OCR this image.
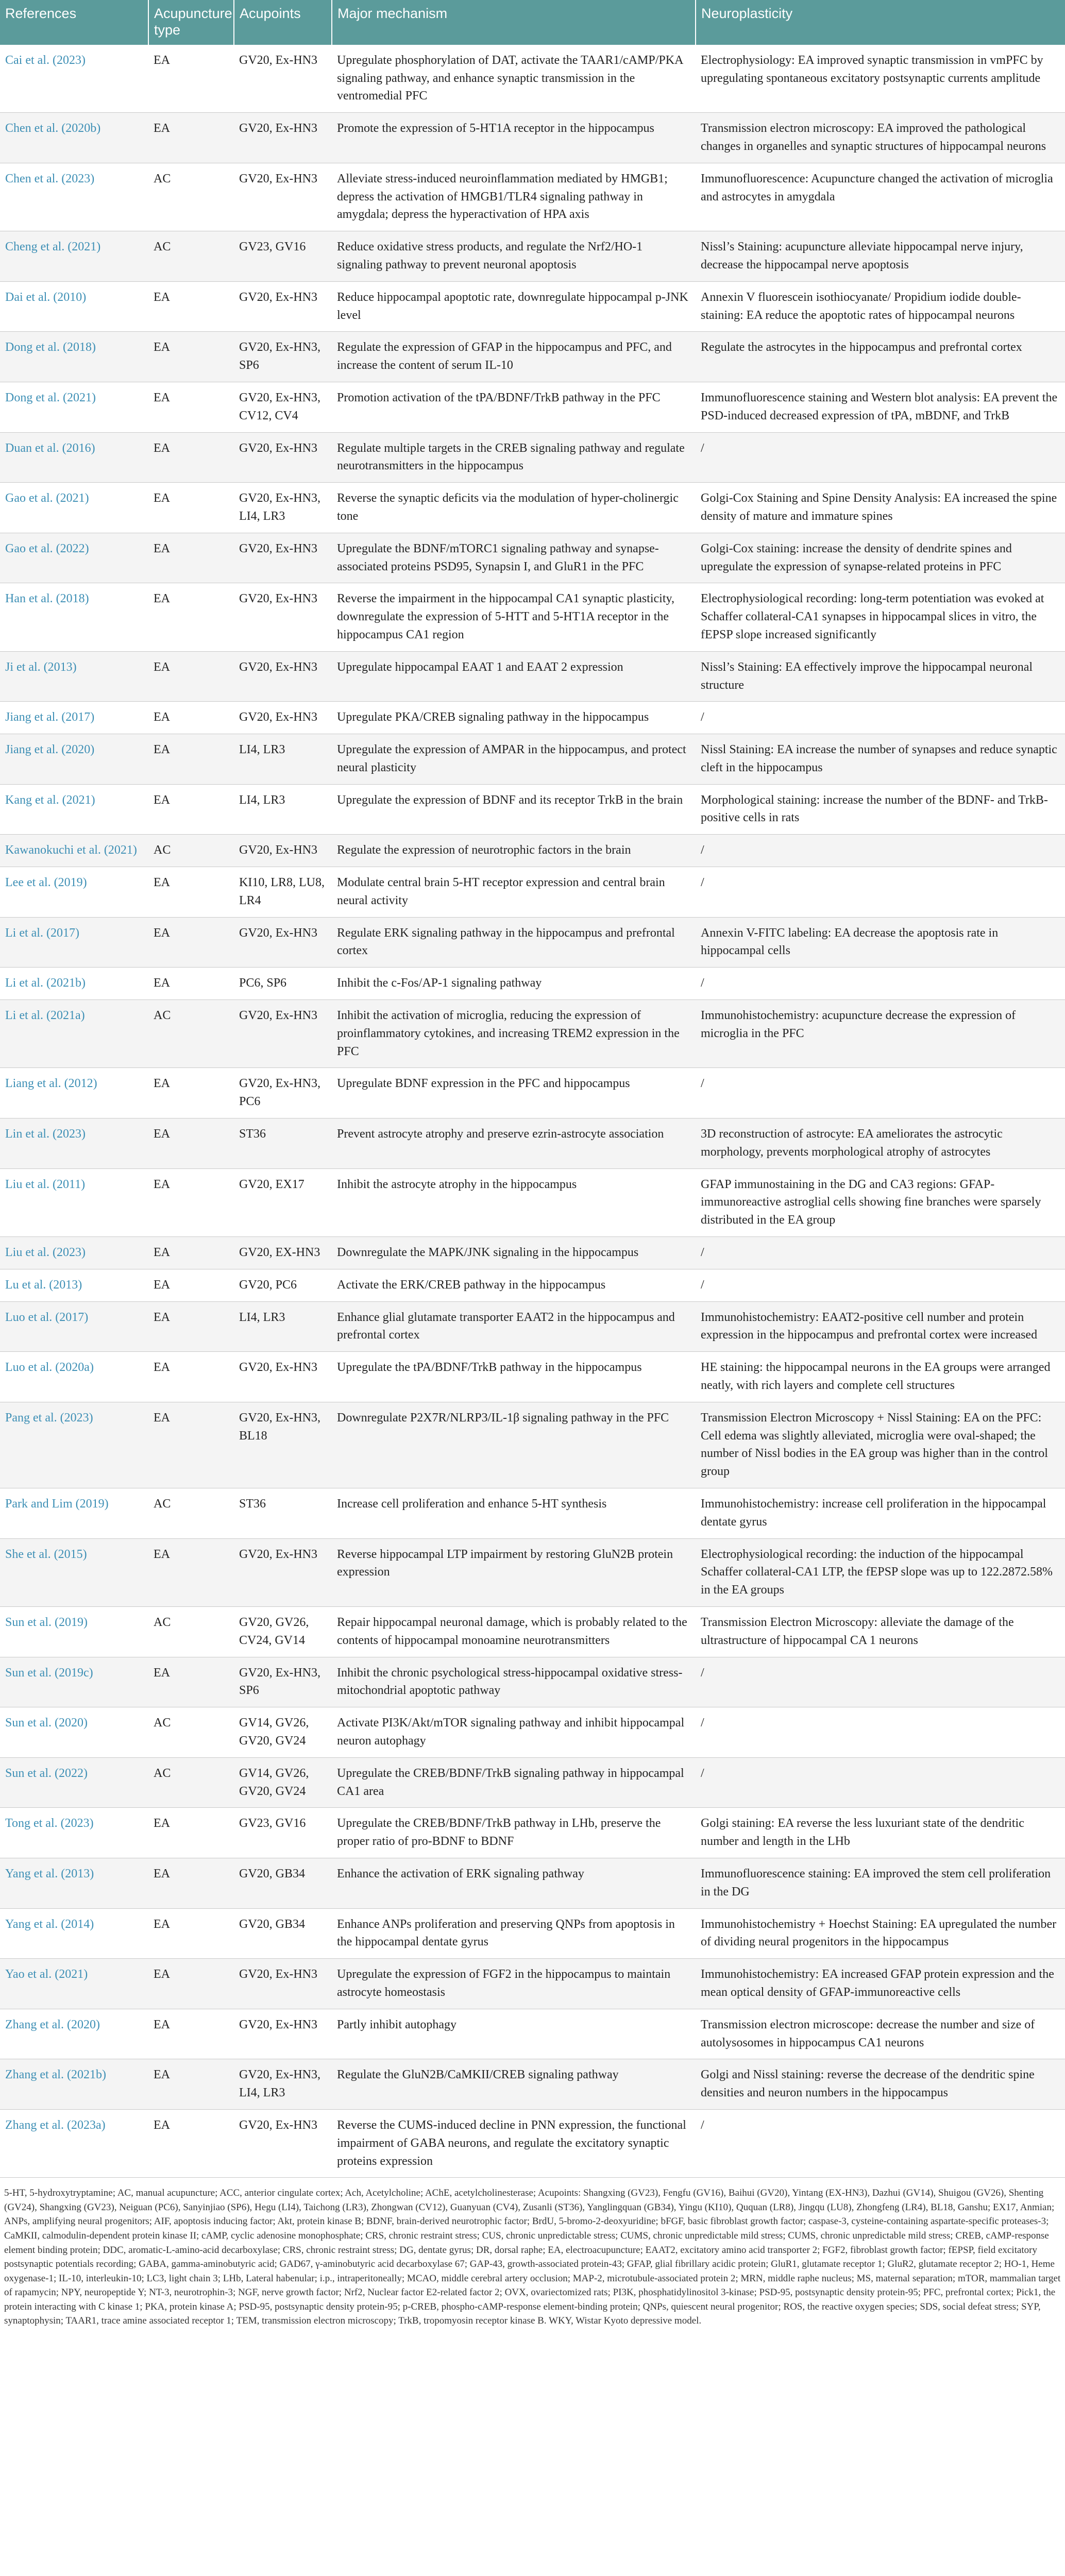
References	Acupuncture type	Acupoints	Major mechanism	Neuroplasticity
Cai et al. (2023)	EA	GV20, Ex-HN3	Upregulate phosphorylation of DAT, activate the TAAR1/cAMP/PKA signaling pathway, and enhance synaptic transmission in the ventromedial PFC	Electrophysiology: EA improved synaptic transmission in vmPFC by upregulating spontaneous excitatory postsynaptic currents amplitude
Chen et al. (2020b)	EA	GV20, Ex-HN3	Promote the expression of 5-HT1A receptor in the hippocampus	Transmission electron microscopy: EA improved the pathological changes in organelles and synaptic structures of hippocampal neurons
Chen et al. (2023)	AC	GV20, Ex-HN3	Alleviate stress-induced neuroinflammation mediated by HMGB1; depress the activation of HMGB1/TLR4 signaling pathway in amygdala; depress the hyperactivation of HPA axis	Immunofluorescence: Acupuncture changed the activation of microglia and astrocytes in amygdala
Cheng et al. (2021)	AC	GV23, GV16	Reduce oxidative stress products, and regulate the Nrf2/HO-1 signaling pathway to prevent neuronal apoptosis	Nissl’s Staining: acupuncture alleviate hippocampal nerve injury, decrease the hippocampal nerve apoptosis
Dai et al. (2010)	EA	GV20, Ex-HN3	Reduce hippocampal apoptotic rate, downregulate hippocampal p-JNK level	Annexin V fluorescein isothiocyanate/ Propidium iodide double-staining: EA reduce the apoptotic rates of hippocampal neurons
Dong et al. (2018)	EA	GV20, Ex-HN3, SP6	Regulate the expression of GFAP in the hippocampus and PFC, and increase the content of serum IL-10	Regulate the astrocytes in the hippocampus and prefrontal cortex
Dong et al. (2021)	EA	GV20, Ex-HN3, CV12, CV4	Promotion activation of the tPA/BDNF/TrkB pathway in the PFC	Immunofluorescence staining and Western blot analysis: EA prevent the PSD-induced decreased expression of tPA, mBDNF, and TrkB
Duan et al. (2016)	EA	GV20, Ex-HN3	Regulate multiple targets in the CREB signaling pathway and regulate neurotransmitters in the hippocampus	/
Gao et al. (2021)	EA	GV20, Ex-HN3, LI4, LR3	Reverse the synaptic deficits via the modulation of hyper-cholinergic tone	Golgi-Cox Staining and Spine Density Analysis: EA increased the spine density of mature and immature spines
Gao et al. (2022)	EA	GV20, Ex-HN3	Upregulate the BDNF/mTORC1 signaling pathway and synapse-associated proteins PSD95, Synapsin I, and GluR1 in the PFC	Golgi-Cox staining: increase the density of dendrite spines and upregulate the expression of synapse-related proteins in PFC
Han et al. (2018)	EA	GV20, Ex-HN3	Reverse the impairment in the hippocampal CA1 synaptic plasticity, downregulate the expression of 5-HTT and 5-HT1A receptor in the hippocampus CA1 region	Electrophysiological recording: long-term potentiation was evoked at Schaffer collateral-CA1 synapses in hippocampal slices in vitro, the fEPSP slope increased significantly
Ji et al. (2013)	EA	GV20, Ex-HN3	Upregulate hippocampal EAAT 1 and EAAT 2 expression	Nissl’s Staining: EA effectively improve the hippocampal neuronal structure
Jiang et al. (2017)	EA	GV20, Ex-HN3	Upregulate PKA/CREB signaling pathway in the hippocampus	/
Jiang et al. (2020)	EA	LI4, LR3	Upregulate the expression of AMPAR in the hippocampus, and protect neural plasticity	Nissl Staining: EA increase the number of synapses and reduce synaptic cleft in the hippocampus
Kang et al. (2021)	EA	LI4, LR3	Upregulate the expression of BDNF and its receptor TrkB in the brain	Morphological staining: increase the number of the BDNF- and TrkB-positive cells in rats
Kawanokuchi et al. (2021)	AC	GV20, Ex-HN3	Regulate the expression of neurotrophic factors in the brain	/
Lee et al. (2019)	EA	KI10, LR8, LU8, LR4	Modulate central brain 5-HT receptor expression and central brain neural activity	/
Li et al. (2017)	EA	GV20, Ex-HN3	Regulate ERK signaling pathway in the hippocampus and prefrontal cortex	Annexin V-FITC labeling: EA decrease the apoptosis rate in hippocampal cells
Li et al. (2021b)	EA	PC6, SP6	Inhibit the c-Fos/AP-1 signaling pathway	/
Li et al. (2021a)	AC	GV20, Ex-HN3	Inhibit the activation of microglia, reducing the expression of proinflammatory cytokines, and increasing TREM2 expression in the PFC	Immunohistochemistry: acupuncture decrease the expression of microglia in the PFC
Liang et al. (2012)	EA	GV20, Ex-HN3, PC6	Upregulate BDNF expression in the PFC and hippocampus	/
Lin et al. (2023)	EA	ST36	Prevent astrocyte atrophy and preserve ezrin-astrocyte association	3D reconstruction of astrocyte: EA ameliorates the astrocytic morphology, prevents morphological atrophy of astrocytes
Liu et al. (2011)	EA	GV20, EX17	Inhibit the astrocyte atrophy in the hippocampus	GFAP immunostaining in the DG and CA3 regions: GFAP-immunoreactive astroglial cells showing fine branches were sparsely distributed in the EA group
Liu et al. (2023)	EA	GV20, EX-HN3	Downregulate the MAPK/JNK signaling in the hippocampus	/
Lu et al. (2013)	EA	GV20, PC6	Activate the ERK/CREB pathway in the hippocampus	/
Luo et al. (2017)	EA	LI4, LR3	Enhance glial glutamate transporter EAAT2 in the hippocampus and prefrontal cortex	Immunohistochemistry: EAAT2-positive cell number and protein expression in the hippocampus and prefrontal cortex were increased
Luo et al. (2020a)	EA	GV20, Ex-HN3	Upregulate the tPA/BDNF/TrkB pathway in the hippocampus	HE staining: the hippocampal neurons in the EA groups were arranged neatly, with rich layers and complete cell structures
Pang et al. (2023)	EA	GV20, Ex-HN3, BL18	Downregulate P2X7R/NLRP3/IL-1β signaling pathway in the PFC	Transmission Electron Microscopy + Nissl Staining: EA on the PFC: Cell edema was slightly alleviated, microglia were oval-shaped; the number of Nissl bodies in the EA group was higher than in the control group
Park and Lim (2019)	AC	ST36	Increase cell proliferation and enhance 5-HT synthesis	Immunohistochemistry: increase cell proliferation in the hippocampal dentate gyrus
She et al. (2015)	EA	GV20, Ex-HN3	Reverse hippocampal LTP impairment by restoring GluN2B protein expression	Electrophysiological recording: the induction of the hippocampal Schaffer collateral-CA1 LTP, the fEPSP slope was up to 122.2872.58% in the EA groups
Sun et al. (2019)	AC	GV20, GV26, CV24, GV14	Repair hippocampal neuronal damage, which is probably related to the contents of hippocampal monoamine neurotransmitters	Transmission Electron Microscopy: alleviate the damage of the ultrastructure of hippocampal CA 1 neurons
Sun et al. (2019c)	EA	GV20, Ex-HN3, SP6	Inhibit the chronic psychological stress-hippocampal oxidative stress-mitochondrial apoptotic pathway	/
Sun et al. (2020)	AC	GV14, GV26, GV20, GV24	Activate PI3K/Akt/mTOR signaling pathway and inhibit hippocampal neuron autophagy	/
Sun et al. (2022)	AC	GV14, GV26, GV20, GV24	Upregulate the CREB/BDNF/TrkB signaling pathway in hippocampal CA1 area	/
Tong et al. (2023)	EA	GV23, GV16	Upregulate the CREB/BDNF/TrkB pathway in LHb, preserve the proper ratio of pro-BDNF to BDNF	Golgi staining: EA reverse the less luxuriant state of the dendritic number and length in the LHb
Yang et al. (2013)	EA	GV20, GB34	Enhance the activation of ERK signaling pathway	Immunofluorescence staining: EA improved the stem cell proliferation in the DG
Yang et al. (2014)	EA	GV20, GB34	Enhance ANPs proliferation and preserving QNPs from apoptosis in the hippocampal dentate gyrus	Immunohistochemistry + Hoechst Staining: EA upregulated the number of dividing neural progenitors in the hippocampus
Yao et al. (2021)	EA	GV20, Ex-HN3	Upregulate the expression of FGF2 in the hippocampus to maintain astrocyte homeostasis	Immunohistochemistry: EA increased GFAP protein expression and the mean optical density of GFAP-immunoreactive cells
Zhang et al. (2020)	EA	GV20, Ex-HN3	Partly inhibit autophagy	Transmission electron microscope: decrease the number and size of autolysosomes in hippocampus CA1 neurons
Zhang et al. (2021b)	EA	GV20, Ex-HN3, LI4, LR3	Regulate the GluN2B/CaMKII/CREB signaling pathway	Golgi and Nissl staining: reverse the decrease of the dendritic spine densities and neuron numbers in the hippocampus
Zhang et al. (2023a)	EA	GV20, Ex-HN3	Reverse the CUMS-induced decline in PNN expression, the functional impairment of GABA neurons, and regulate the excitatory synaptic proteins expression	/
5-HT, 5-hydroxytryptamine; AC, manual acupuncture; ACC, anterior cingulate cortex; Ach, Acetylcholine; AChE, acetylcholinesterase; Acupoints: Shangxing (GV23), Fengfu (GV16), Baihui (GV20), Yintang (EX-HN3), Dazhui (GV14), Shuigou (GV26), Shenting (GV24), Shangxing (GV23), Neiguan (PC6), Sanyinjiao (SP6), Hegu (LI4), Taichong (LR3), Zhongwan (CV12), Guanyuan (CV4), Zusanli (ST36), Yanglingquan (GB34), Yingu (KI10), Ququan (LR8), Jingqu (LU8), Zhongfeng (LR4), BL18, Ganshu; EX17, Anmian; ANPs, amplifying neural progenitors; AIF, apoptosis inducing factor; Akt, protein kinase B; BDNF, brain-derived neurotrophic factor; BrdU, 5-bromo-2-deoxyuridine; bFGF, basic fibroblast growth factor; caspase-3, cysteine-containing aspartate-specific proteases-3; CaMKII, calmodulin-dependent protein kinase II; cAMP, cyclic adenosine monophosphate; CRS, chronic restraint stress; CUS, chronic unpredictable stress; CUMS, chronic unpredictable mild stress; CUMS, chronic unpredictable mild stress; CREB, cAMP-response element binding protein; DDC, aromatic-L-amino-acid decarboxylase; CRS, chronic restraint stress; DG, dentate gyrus; DR, dorsal raphe; EA, electroacupuncture; EAAT2, excitatory amino acid transporter 2; FGF2, fibroblast growth factor; fEPSP, field excitatory postsynaptic potentials recording; GABA, gamma-aminobutyric acid; GAD67, γ-aminobutyric acid decarboxylase 67; GAP-43, growth-associated protein-43; GFAP, glial fibrillary acidic protein; GluR1, glutamate receptor 1; GluR2, glutamate receptor 2; HO-1, Heme oxygenase-1; IL-10, interleukin-10; LC3, light chain 3; LHb, Lateral habenular; i.p., intraperitoneally; MCAO, middle cerebral artery occlusion; MAP-2, microtubule-associated protein 2; MRN, middle raphe nucleus; MS, maternal separation; mTOR, mammalian target of rapamycin; NPY, neuropeptide Y; NT-3, neurotrophin-3; NGF, nerve growth factor; Nrf2, Nuclear factor E2-related factor 2; OVX, ovariectomized rats; PI3K, phosphatidylinositol 3-kinase; PSD-95, postsynaptic density protein-95; PFC, prefrontal cortex; Pick1, the protein interacting with C kinase 1; PKA, protein kinase A; PSD-95, postsynaptic density protein-95; p-CREB, phospho-cAMP-response element-binding protein; QNPs, quiescent neural progenitor; ROS, the reactive oxygen species; SDS, social defeat stress; SYP, synaptophysin; TAAR1, trace amine associated receptor 1; TEM, transmission electron microscopy; TrkB, tropomyosin receptor kinase B. WKY, Wistar Kyoto depressive model.
